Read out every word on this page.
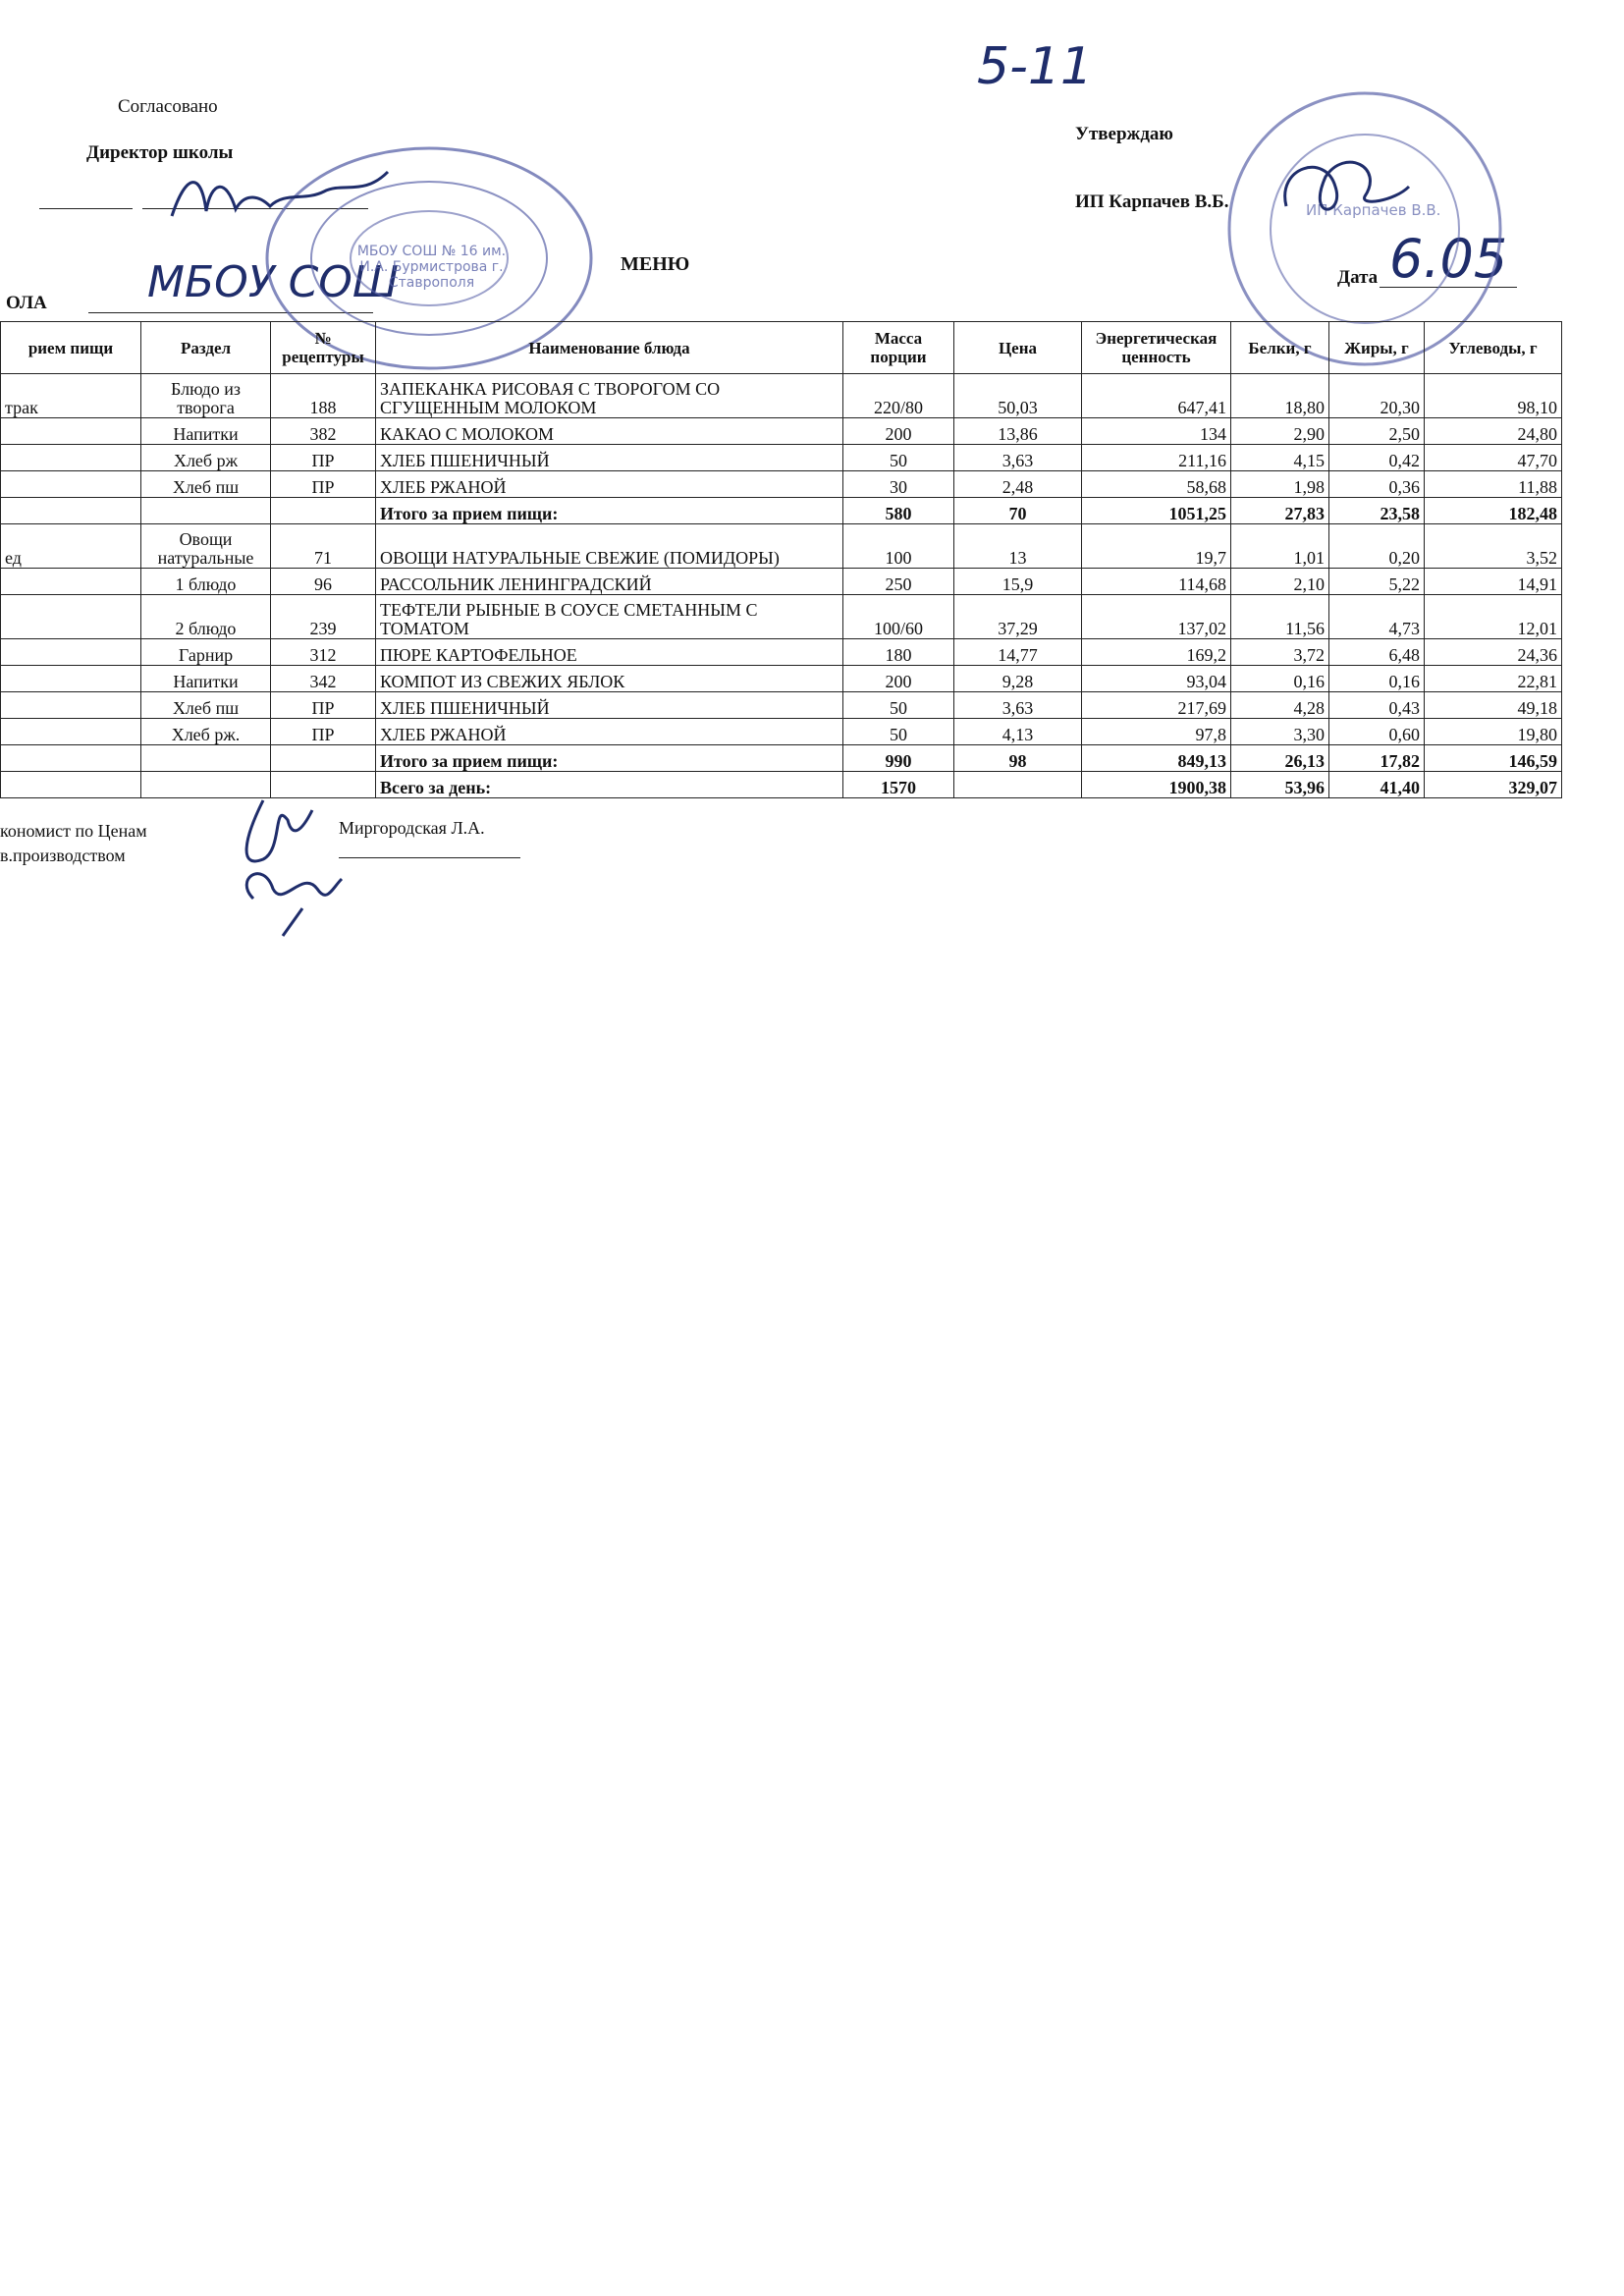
5-11
Согласовано
Директор школы
Утверждаю
ИП Карпачев В.Б.
МЕНЮ
ОЛА МБОУ СОШ	Дата 6.05
МБОУ СОШ № 16 им. И.А. Бурмистрова г. Ставрополя
ИП Карпачев В.В.
рием пищи	Раздел	№ рецептуры	Наименование блюда	Масса порции	Цена	Энергетическая ценность	Белки, г	Жиры, г	Углеводы, г
трак	Блюдо из творога	188	ЗАПЕКАНКА РИСОВАЯ С ТВОРОГОМ СО СГУЩЕННЫМ МОЛОКОМ	220/80	50,03	647,41	18,80	20,30	98,10
	Напитки	382	КАКАО С МОЛОКОМ	200	13,86	134	2,90	2,50	24,80
	Хлеб рж	ПР	ХЛЕБ ПШЕНИЧНЫЙ	50	3,63	211,16	4,15	0,42	47,70
	Хлеб пш	ПР	ХЛЕБ РЖАНОЙ	30	2,48	58,68	1,98	0,36	11,88
			Итого за прием пищи:	580	70	1051,25	27,83	23,58	182,48
ед	Овощи натуральные	71	ОВОЩИ НАТУРАЛЬНЫЕ СВЕЖИЕ (ПОМИДОРЫ)	100	13	19,7	1,01	0,20	3,52
	1 блюдо	96	РАССОЛЬНИК ЛЕНИНГРАДСКИЙ	250	15,9	114,68	2,10	5,22	14,91
	2 блюдо	239	ТЕФТЕЛИ РЫБНЫЕ В СОУСЕ СМЕТАННЫМ С ТОМАТОМ	100/60	37,29	137,02	11,56	4,73	12,01
	Гарнир	312	ПЮРЕ КАРТОФЕЛЬНОЕ	180	14,77	169,2	3,72	6,48	24,36
	Напитки	342	КОМПОТ ИЗ СВЕЖИХ ЯБЛОК	200	9,28	93,04	0,16	0,16	22,81
	Хлеб пш	ПР	ХЛЕБ ПШЕНИЧНЫЙ	50	3,63	217,69	4,28	0,43	49,18
	Хлеб рж.	ПР	ХЛЕБ РЖАНОЙ	50	4,13	97,8	3,30	0,60	19,80
			Итого за прием пищи:	990	98	849,13	26,13	17,82	146,59
			Всего за день:	1570		1900,38	53,96	41,40	329,07
кономист по Ценам
в.производством
Миргородская Л.А.
